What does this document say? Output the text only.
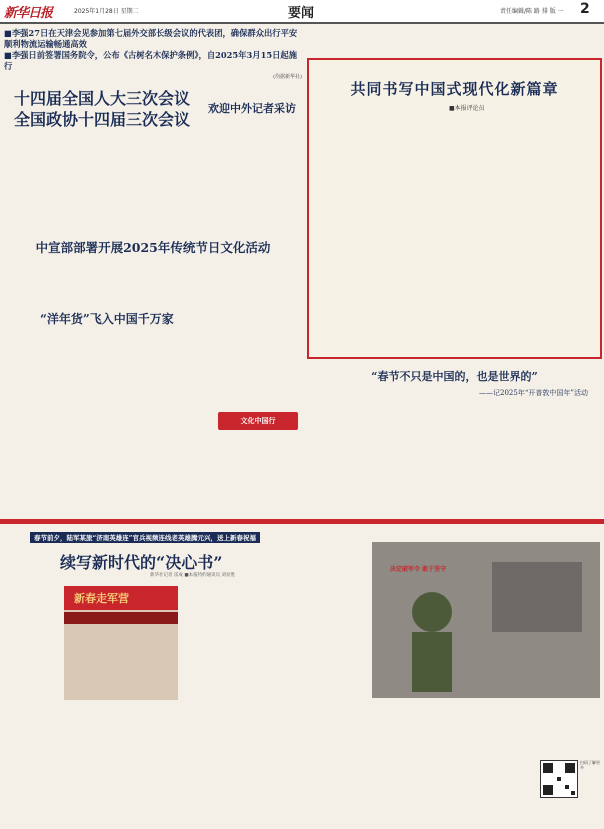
新华日报	2025年1月28日 星期二	要闻	责任编辑/陈 路 排 版 一 2

■李强27日在天津会见参加第七届外交部长级会议的代表团，确保群众出行平安顺利物流运输畅通高效

■李强日前签署国务院令，公布《古树名木保护条例》，自2025年3月15日起施行

(均据新华社)

十四届全国人大三次会议
全国政协十四届三次会议
欢迎中外记者采访
中宣部部署开展2025年传统节日文化活动
“洋年货”飞入中国千万家
共同书写中国式现代化新篇章
■本报评论员
“春节不只是中国的，也是世界的”
——记2025年“开普敦中国年”活动
文化中国行
春节前夕，陆军某旅“济南英雄连”官兵视频连线老英雄腾元兴，送上新春祝福
续写新时代的“决心书”
新华社记者 雷成 ■本报特约通讯员 刘显胜
决定破军令 敢于坚守
新春走军营
扫码了解更多
